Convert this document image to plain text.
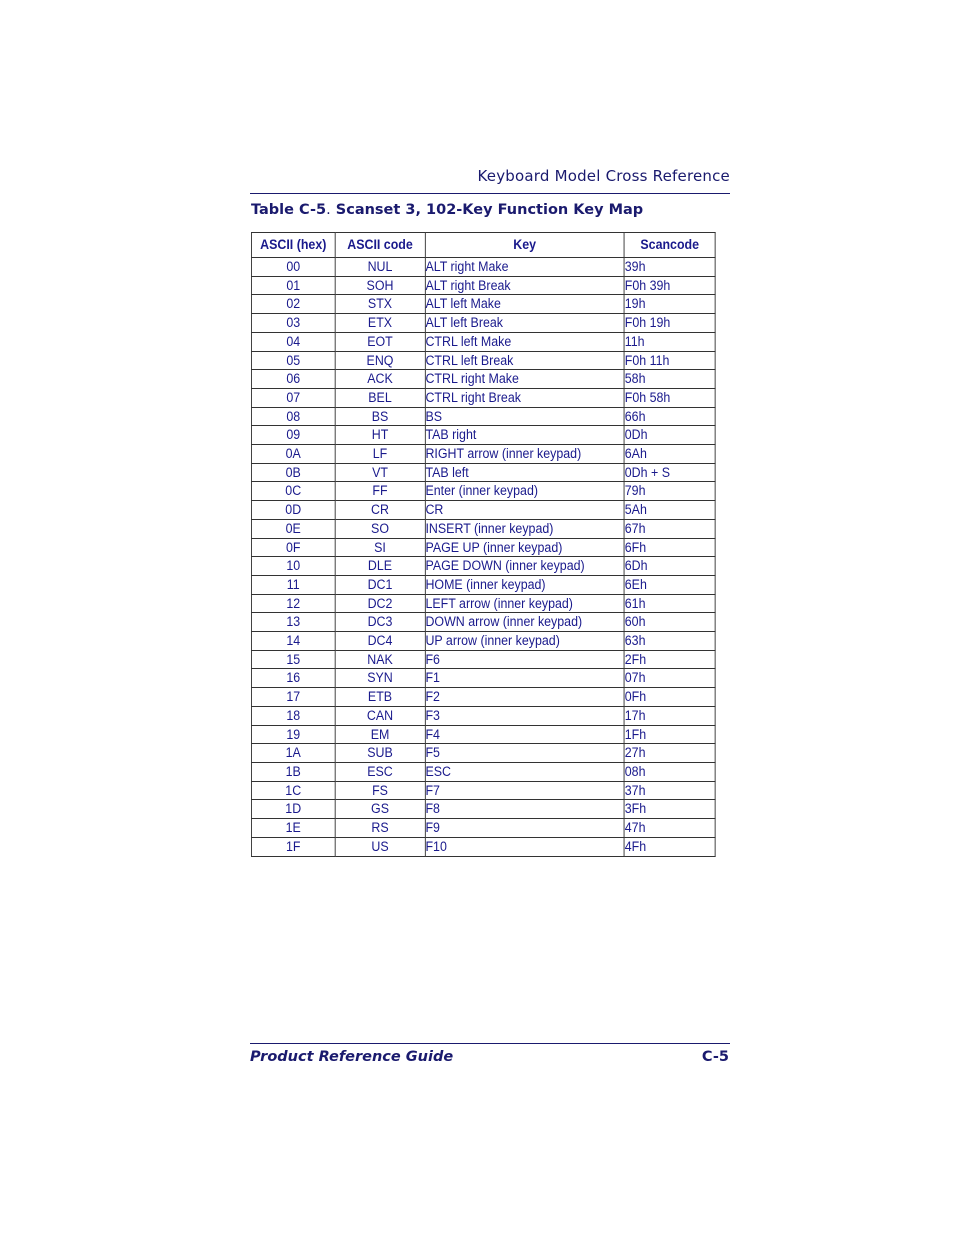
Keyboard Model Cross Reference
Table C-5. Scanset 3, 102-Key Function Key Map
ASCII (hex)	ASCII code	Key	Scancode
00	NUL	ALT right Make	39h
01	SOH	ALT right Break	F0h 39h
02	STX	ALT left Make	19h
03	ETX	ALT left Break	F0h 19h
04	EOT	CTRL left Make	11h
05	ENQ	CTRL left Break	F0h 11h
06	ACK	CTRL right Make	58h
07	BEL	CTRL right Break	F0h 58h
08	BS	BS	66h
09	HT	TAB right	0Dh
0A	LF	RIGHT arrow (inner keypad)	6Ah
0B	VT	TAB left	0Dh + S
0C	FF	Enter (inner keypad)	79h
0D	CR	CR	5Ah
0E	SO	INSERT (inner keypad)	67h
0F	SI	PAGE UP (inner keypad)	6Fh
10	DLE	PAGE DOWN (inner keypad)	6Dh
11	DC1	HOME (inner keypad)	6Eh
12	DC2	LEFT arrow (inner keypad)	61h
13	DC3	DOWN arrow (inner keypad)	60h
14	DC4	UP arrow (inner keypad)	63h
15	NAK	F6	2Fh
16	SYN	F1	07h
17	ETB	F2	0Fh
18	CAN	F3	17h
19	EM	F4	1Fh
1A	SUB	F5	27h
1B	ESC	ESC	08h
1C	FS	F7	37h
1D	GS	F8	3Fh
1E	RS	F9	47h
1F	US	F10	4Fh
Product Reference Guide	C-5
